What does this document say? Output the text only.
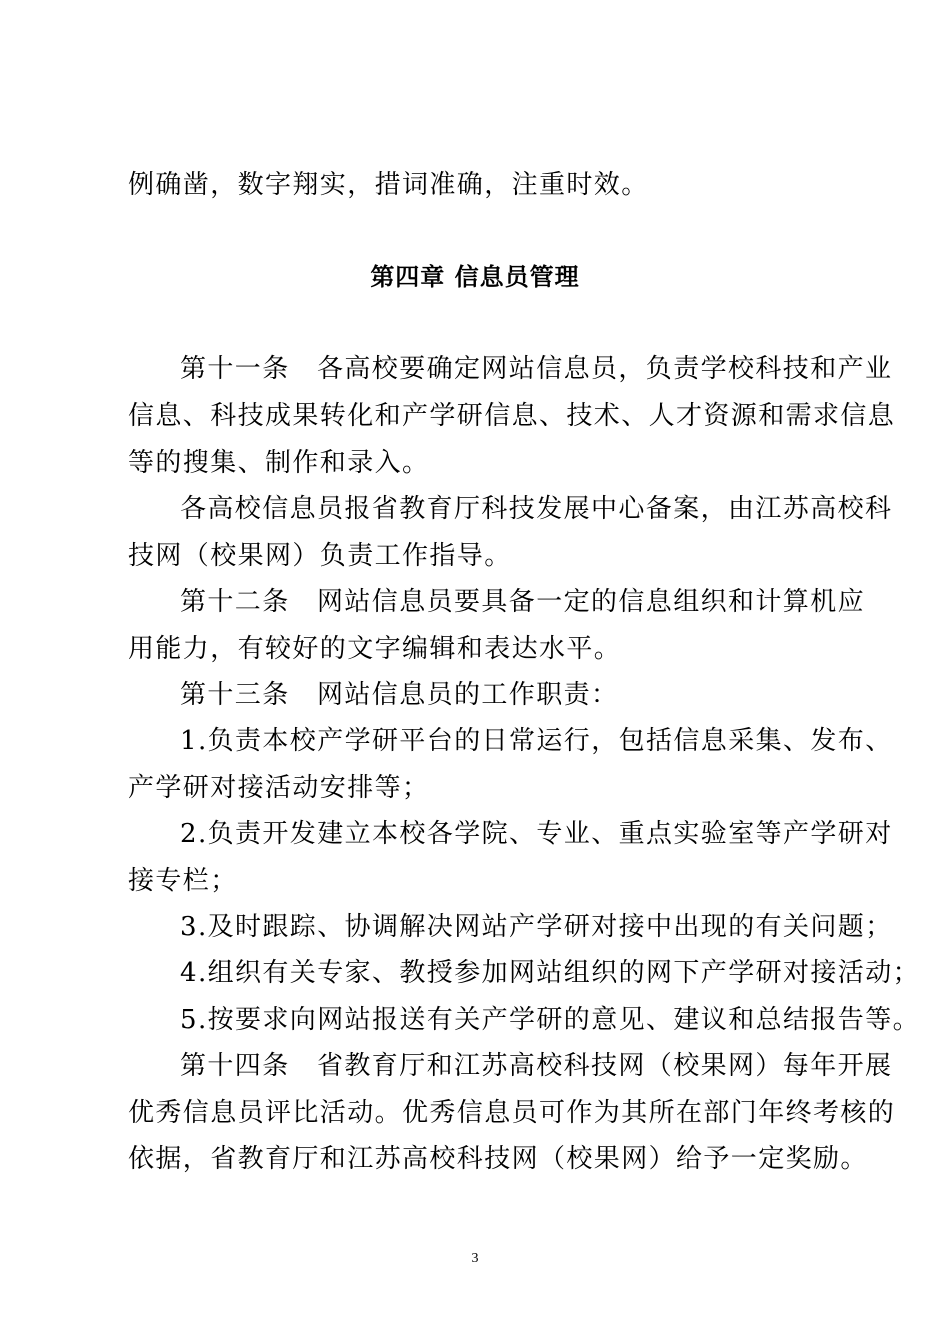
例确凿，数字翔实，措词准确，注重时效。
第四章 信息员管理
第十一条　各高校要确定网站信息员，负责学校科技和产业
信息、科技成果转化和产学研信息、技术、人才资源和需求信息
等的搜集、制作和录入。
各高校信息员报省教育厅科技发展中心备案，由江苏高校科
技网（校果网）负责工作指导。
第十二条　网站信息员要具备一定的信息组织和计算机应
用能力，有较好的文字编辑和表达水平。
第十三条　网站信息员的工作职责：
1.负责本校产学研平台的日常运行，包括信息采集、发布、
产学研对接活动安排等；
2.负责开发建立本校各学院、专业、重点实验室等产学研对
接专栏；
3.及时跟踪、协调解决网站产学研对接中出现的有关问题；
4.组织有关专家、教授参加网站组织的网下产学研对接活动；
5.按要求向网站报送有关产学研的意见、建议和总结报告等。
第十四条　省教育厅和江苏高校科技网（校果网）每年开展
优秀信息员评比活动。优秀信息员可作为其所在部门年终考核的
依据，省教育厅和江苏高校科技网（校果网）给予一定奖励。
3
